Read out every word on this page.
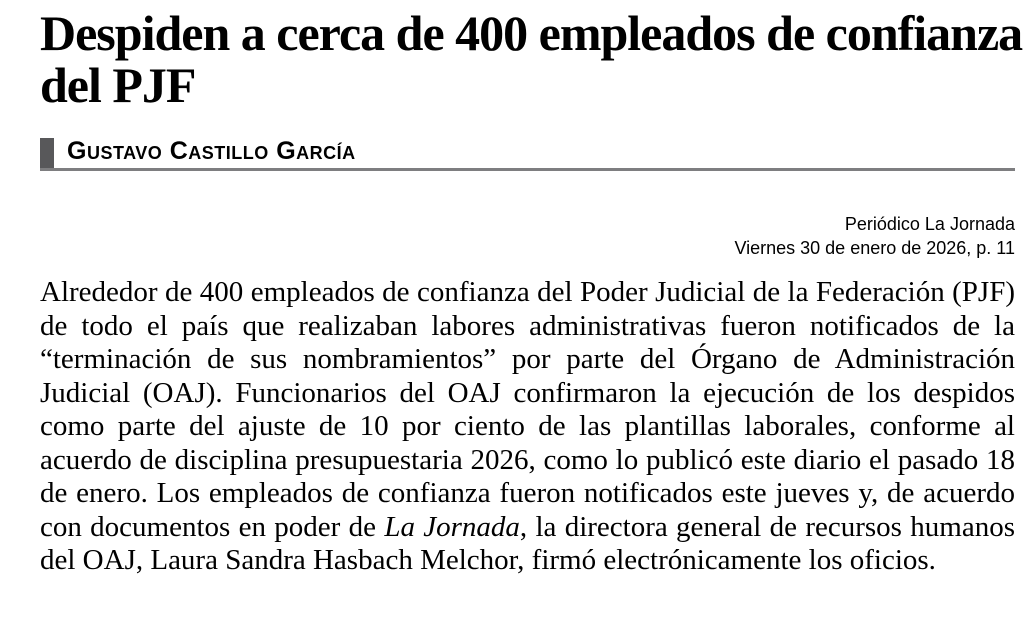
Despiden a cerca de 400 empleados de confianza
del PJF
Gustavo Castillo García
Periódico La Jornada
Viernes 30 de enero de 2026, p. 11

Alrededor de 400 empleados de confianza del Poder Judicial de la Federación (PJF) de todo el país que realizaban labores administrativas fueron notificados de la “terminación de sus nombramientos” por parte del Órgano de Administración Judicial (OAJ). Funcionarios del OAJ confirmaron la ejecución de los despidos como parte del ajuste de 10 por ciento de las plantillas laborales, conforme al acuerdo de disciplina presupuestaria 2026, como lo publicó este diario el pasado 18 de enero. Los empleados de confianza fueron notificados este jueves y, de acuerdo con documentos en poder de La Jornada, la directora general de recursos humanos del OAJ, Laura Sandra Hasbach Melchor, firmó electrónicamente los oficios.
